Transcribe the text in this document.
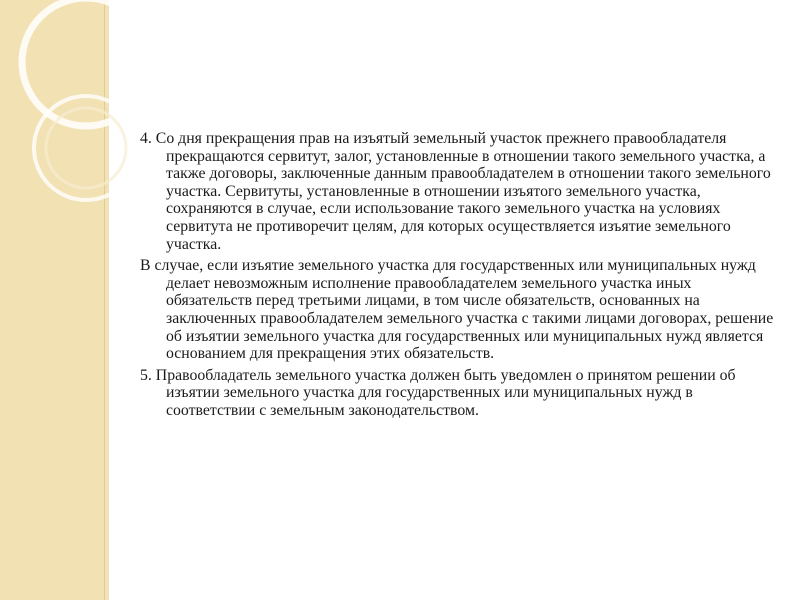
4. Со дня прекращения прав на изъятый земельный участок прежнего правообладателя прекращаются сервитут, залог, установленные в отношении такого земельного участка, а также договоры, заключенные данным правообладателем в отношении такого земельного участка. Сервитуты, установленные в отношении изъятого земельного участка, сохраняются в случае, если использование такого земельного участка на условиях сервитута не противоречит целям, для которых осуществляется изъятие земельного участка.

В случае, если изъятие земельного участка для государственных или муниципальных нужд делает невозможным исполнение правообладателем земельного участка иных обязательств перед третьими лицами, в том числе обязательств, основанных на заключенных правообладателем земельного участка с такими лицами договорах, решение об изъятии земельного участка для государственных или муниципальных нужд является основанием для прекращения этих обязательств.

5. Правообладатель земельного участка должен быть уведомлен о принятом решении об изъятии земельного участка для государственных или муниципальных нужд в соответствии с земельным законодательством.
